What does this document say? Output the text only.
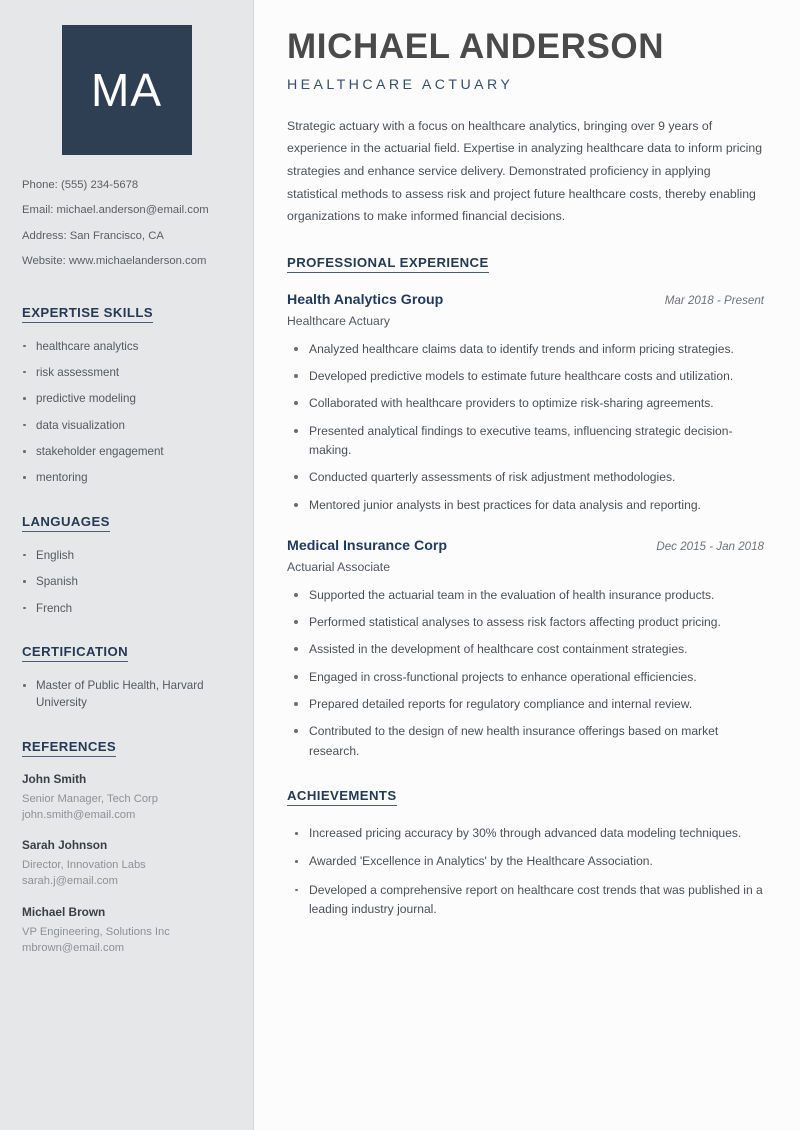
MA
Phone: (555) 234-5678
Email: michael.anderson@email.com
Address: San Francisco, CA
Website: www.michaelanderson.com
EXPERTISE SKILLS
healthcare analytics
risk assessment
predictive modeling
data visualization
stakeholder engagement
mentoring
LANGUAGES
English
Spanish
French
CERTIFICATION
Master of Public Health, Harvard University
REFERENCES
John Smith
Senior Manager, Tech Corp
john.smith@email.com
Sarah Johnson
Director, Innovation Labs
sarah.j@email.com
Michael Brown
VP Engineering, Solutions Inc
mbrown@email.com
MICHAEL ANDERSON
HEALTHCARE ACTUARY

Strategic actuary with a focus on healthcare analytics, bringing over 9 years of experience in the actuarial field. Expertise in analyzing healthcare data to inform pricing strategies and enhance service delivery. Demonstrated proficiency in applying statistical methods to assess risk and project future healthcare costs, thereby enabling organizations to make informed financial decisions.

PROFESSIONAL EXPERIENCE
Health Analytics Group	Mar 2018 - Present
Healthcare Actuary
Analyzed healthcare claims data to identify trends and inform pricing strategies.
Developed predictive models to estimate future healthcare costs and utilization.
Collaborated with healthcare providers to optimize risk-sharing agreements.
Presented analytical findings to executive teams, influencing strategic decision-making.
Conducted quarterly assessments of risk adjustment methodologies.
Mentored junior analysts in best practices for data analysis and reporting.
Medical Insurance Corp	Dec 2015 - Jan 2018
Actuarial Associate
Supported the actuarial team in the evaluation of health insurance products.
Performed statistical analyses to assess risk factors affecting product pricing.
Assisted in the development of healthcare cost containment strategies.
Engaged in cross-functional projects to enhance operational efficiencies.
Prepared detailed reports for regulatory compliance and internal review.
Contributed to the design of new health insurance offerings based on market research.
ACHIEVEMENTS
Increased pricing accuracy by 30% through advanced data modeling techniques.
Awarded 'Excellence in Analytics' by the Healthcare Association.
Developed a comprehensive report on healthcare cost trends that was published in a leading industry journal.
